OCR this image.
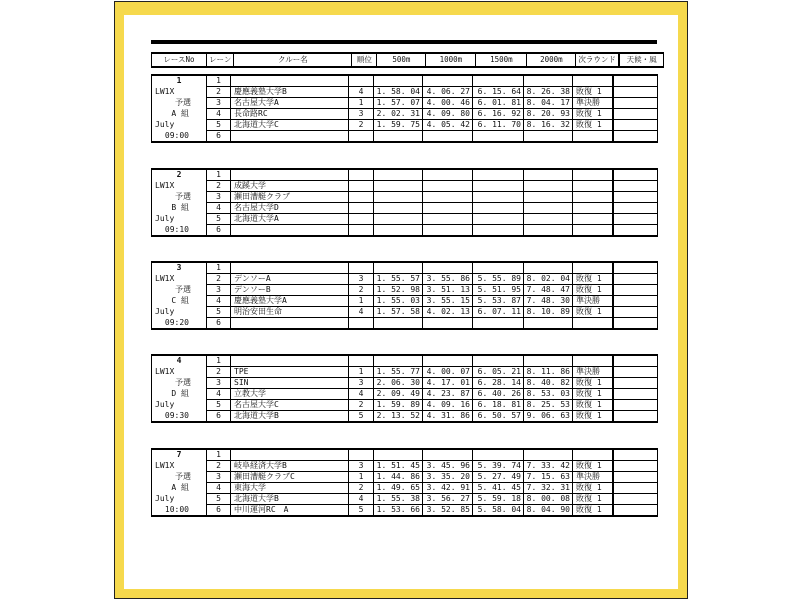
レースNo	レーン	クルー名	順位	500m	1000m	1500m	2000m	次ラウンド	天候・風
1	1								

LW1X	2	慶應義塾大学B	4	1. 58. 04	4. 06. 27	6. 15. 64	8. 26. 38	敗復 1	

予選	3	名古屋大学A	1	1. 57. 07	4. 00. 46	6. 01. 81	8. 04. 17	準決勝	

A 組	4	長命路RC	3	2. 02. 31	4. 09. 80	6. 16. 92	8. 20. 93	敗復 1	

July	5	北海道大学C	2	1. 59. 75	4. 05. 42	6. 11. 70	8. 16. 32	敗復 1	

09:00	6								
2	1								

LW1X	2	成蹊大学							

予選	3	瀬田漕艇クラブ							

B 組	4	名古屋大学D							

July	5	北海道大学A							

09:10	6								
3	1								

LW1X	2	デンソーA	3	1. 55. 57	3. 55. 86	5. 55. 89	8. 02. 04	敗復 1	

予選	3	デンソーB	2	1. 52. 98	3. 51. 13	5. 51. 95	7. 48. 47	敗復 1	

C 組	4	慶應義塾大学A	1	1. 55. 03	3. 55. 15	5. 53. 87	7. 48. 30	準決勝	

July	5	明治安田生命	4	1. 57. 58	4. 02. 13	6. 07. 11	8. 10. 89	敗復 1	

09:20	6								
4	1								

LW1X	2	TPE	1	1. 55. 77	4. 00. 07	6. 05. 21	8. 11. 86	準決勝	

予選	3	SIN	3	2. 06. 30	4. 17. 01	6. 28. 14	8. 40. 82	敗復 1	

D 組	4	立教大学	4	2. 09. 49	4. 23. 87	6. 40. 26	8. 53. 03	敗復 1	

July	5	名古屋大学C	2	1. 59. 89	4. 09. 16	6. 18. 81	8. 25. 53	敗復 1	

09:30	6	北海道大学B	5	2. 13. 52	4. 31. 86	6. 50. 57	9. 06. 63	敗復 1	
7	1								

LW1X	2	岐阜経済大学B	3	1. 51. 45	3. 45. 96	5. 39. 74	7. 33. 42	敗復 1	

予選	3	瀬田漕艇クラブC	1	1. 44. 86	3. 35. 20	5. 27. 49	7. 15. 63	準決勝	

A 組	4	東海大学	2	1. 49. 65	3. 42. 91	5. 41. 45	7. 32. 31	敗復 1	

July	5	北海道大学B	4	1. 55. 38	3. 56. 27	5. 59. 18	8. 00. 08	敗復 1	

10:00	6	中川運河RC　A	5	1. 53. 66	3. 52. 85	5. 58. 04	8. 04. 90	敗復 1	
